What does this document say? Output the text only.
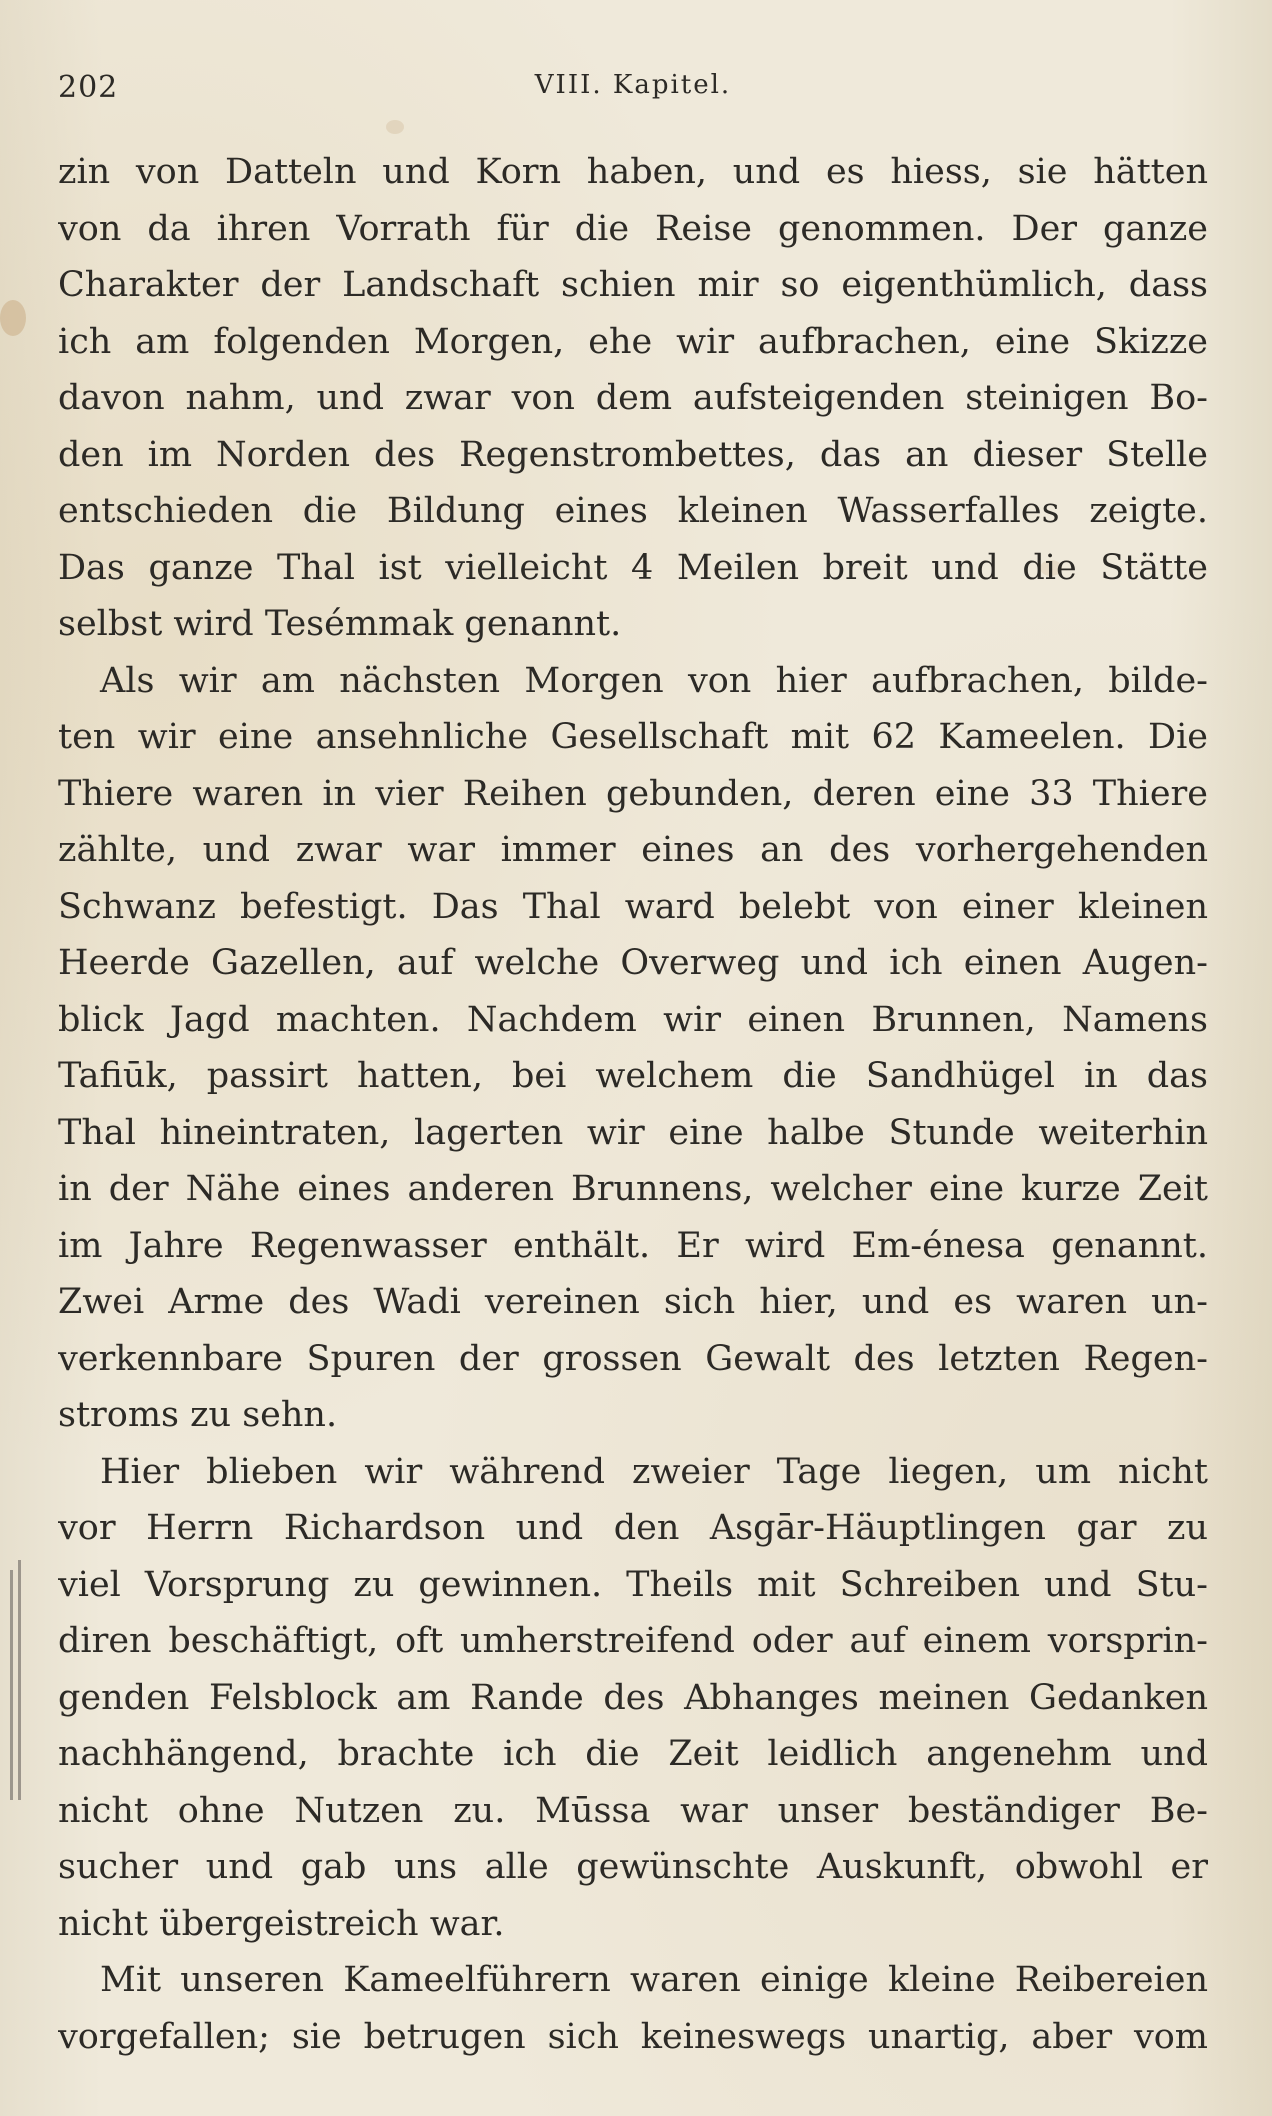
202	VIII. Kapitel.
zin von Datteln und Korn haben, und es hiess, sie hätten
von da ihren Vorrath für die Reise genommen. Der ganze
Charakter der Landschaft schien mir so eigenthümlich, dass
ich am folgenden Morgen, ehe wir aufbrachen, eine Skizze
davon nahm, und zwar von dem aufsteigenden steinigen Bo-
den im Norden des Regenstrombettes, das an dieser Stelle
entschieden die Bildung eines kleinen Wasserfalles zeigte.
Das ganze Thal ist vielleicht 4 Meilen breit und die Stätte
selbst wird Tesémmak genannt.
Als wir am nächsten Morgen von hier aufbrachen, bilde-
ten wir eine ansehnliche Gesellschaft mit 62 Kameelen. Die
Thiere waren in vier Reihen gebunden, deren eine 33 Thiere
zählte, und zwar war immer eines an des vorhergehenden
Schwanz befestigt. Das Thal ward belebt von einer kleinen
Heerde Gazellen, auf welche Overweg und ich einen Augen-
blick Jagd machten. Nachdem wir einen Brunnen, Namens
Tafiūk, passirt hatten, bei welchem die Sandhügel in das
Thal hineintraten, lagerten wir eine halbe Stunde weiterhin
in der Nähe eines anderen Brunnens, welcher eine kurze Zeit
im Jahre Regenwasser enthält. Er wird Em-énesa genannt.
Zwei Arme des Wadi vereinen sich hier, und es waren un-
verkennbare Spuren der grossen Gewalt des letzten Regen-
stroms zu sehn.
Hier blieben wir während zweier Tage liegen, um nicht
vor Herrn Richardson und den Asgār-Häuptlingen gar zu
viel Vorsprung zu gewinnen. Theils mit Schreiben und Stu-
diren beschäftigt, oft umherstreifend oder auf einem vorsprin-
genden Felsblock am Rande des Abhanges meinen Gedanken
nachhängend, brachte ich die Zeit leidlich angenehm und
nicht ohne Nutzen zu. Mūssa war unser beständiger Be-
sucher und gab uns alle gewünschte Auskunft, obwohl er
nicht übergeistreich war.
Mit unseren Kameelführern waren einige kleine Reibereien
vorgefallen; sie betrugen sich keineswegs unartig, aber vom
